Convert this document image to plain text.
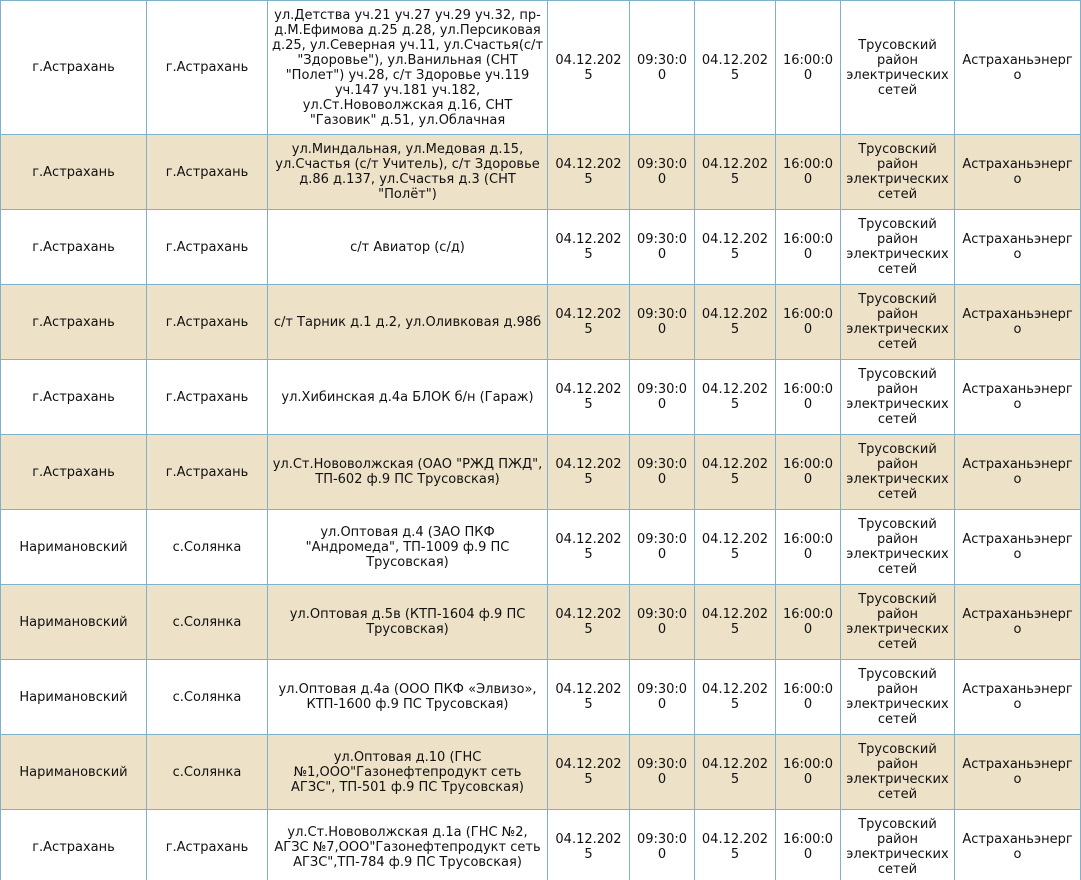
г.Астрахань	г.Астрахань	ул.Детства уч.21 уч.27 уч.29 уч.32, пр-д.М.Ефимова д.25 д.28, ул.Персиковая д.25, ул.Северная уч.11, ул.Счастья(с/т "Здоровье"), ул.Ванильная (СНТ "Полет") уч.28, с/т Здоровье уч.119 уч.147 уч.181 уч.182, ул.Ст.Нововолжская д.16, СНТ "Газовик" д.51, ул.Облачная	04.12.2025	09:30:00	04.12.2025	16:00:00	Трусовский район электрических сетей	Астраханьэнерго
г.Астрахань	г.Астрахань	ул.Миндальная, ул.Медовая д.15, ул.Счастья (с/т Учитель), с/т Здоровье д.86 д.137, ул.Счастья д.3 (СНТ "Полёт")	04.12.2025	09:30:00	04.12.2025	16:00:00	Трусовский район электрических сетей	Астраханьэнерго
г.Астрахань	г.Астрахань	с/т Авиатор (с/д)	04.12.2025	09:30:00	04.12.2025	16:00:00	Трусовский район электрических сетей	Астраханьэнерго
г.Астрахань	г.Астрахань	с/т Тарник д.1 д.2, ул.Оливковая д.98б	04.12.2025	09:30:00	04.12.2025	16:00:00	Трусовский район электрических сетей	Астраханьэнерго
г.Астрахань	г.Астрахань	ул.Хибинская д.4а БЛОК б/н (Гараж)	04.12.2025	09:30:00	04.12.2025	16:00:00	Трусовский район электрических сетей	Астраханьэнерго
г.Астрахань	г.Астрахань	ул.Ст.Нововолжская (ОАО "РЖД ПЖД", ТП-602 ф.9 ПС Трусовская)	04.12.2025	09:30:00	04.12.2025	16:00:00	Трусовский район электрических сетей	Астраханьэнерго
Наримановский	с.Солянка	ул.Оптовая д.4 (ЗАО ПКФ "Андромеда", ТП-1009 ф.9 ПС Трусовская)	04.12.2025	09:30:00	04.12.2025	16:00:00	Трусовский район электрических сетей	Астраханьэнерго
Наримановский	с.Солянка	ул.Оптовая д.5в (КТП-1604 ф.9 ПС Трусовская)	04.12.2025	09:30:00	04.12.2025	16:00:00	Трусовский район электрических сетей	Астраханьэнерго
Наримановский	с.Солянка	ул.Оптовая д.4а (ООО ПКФ «Элвизо», КТП-1600 ф.9 ПС Трусовская)	04.12.2025	09:30:00	04.12.2025	16:00:00	Трусовский район электрических сетей	Астраханьэнерго
Наримановский	с.Солянка	ул.Оптовая д.10 (ГНС №1,ООО"Газонефтепродукт сеть АГЗС", ТП-501 ф.9 ПС Трусовская)	04.12.2025	09:30:00	04.12.2025	16:00:00	Трусовский район электрических сетей	Астраханьэнерго
г.Астрахань	г.Астрахань	ул.Ст.Нововолжская д.1а (ГНС №2, АГЗС №7,ООО"Газонефтепродукт сеть АГЗС",ТП-784 ф.9 ПС Трусовская)	04.12.2025	09:30:00	04.12.2025	16:00:00	Трусовский район электрических сетей	Астраханьэнерго
